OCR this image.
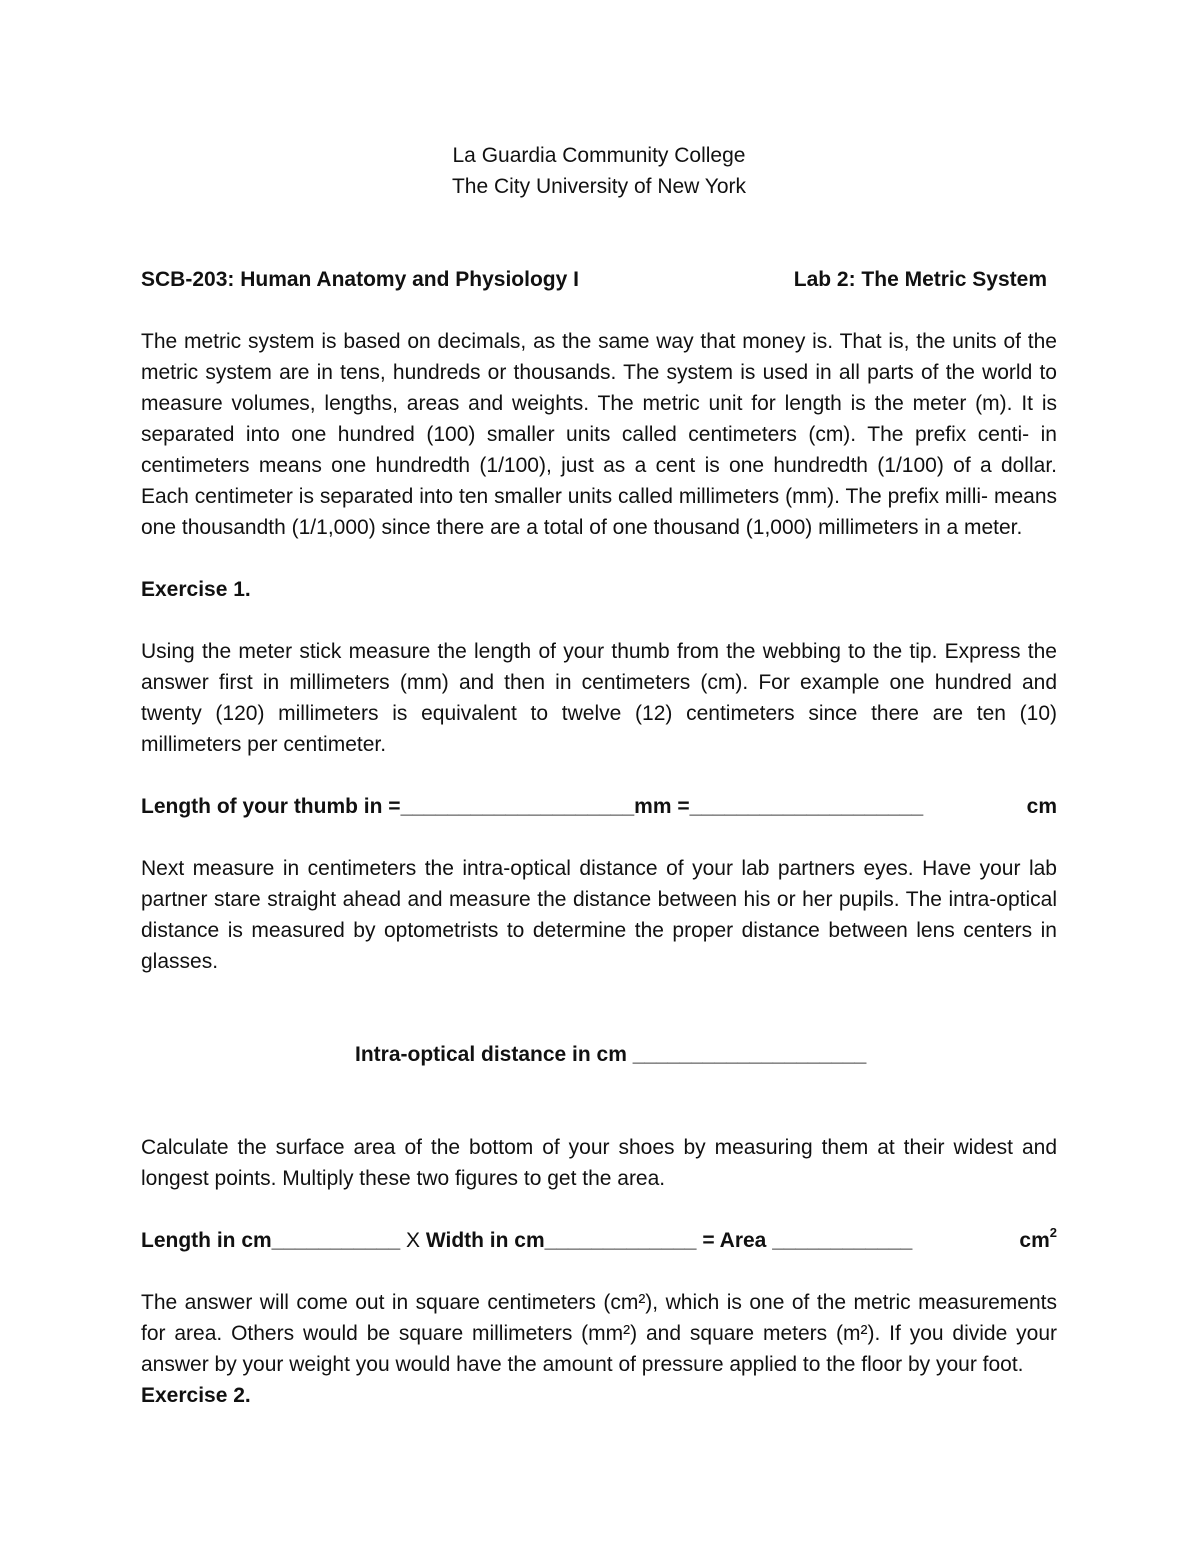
La Guardia Community College

The City University of New York

SCB-203: Human Anatomy and Physiology I	Lab 2: The Metric System

The metric system is based on decimals, as the same way that money is. That is, the units of the metric system are in tens, hundreds or thousands. The system is used in all parts of the world to measure volumes, lengths, areas and weights. The metric unit for length is the meter (m). It is separated into one hundred (100) smaller units called centimeters (cm). The prefix centi- in centimeters means one hundredth (1/100), just as a cent is one hundredth (1/100) of a dollar. Each centimeter is separated into ten smaller units called millimeters (mm). The prefix milli- means one thousandth (1/1,000) since there are a total of one thousand (1,000) millimeters in a meter.

Exercise 1.

Using the meter stick measure the length of your thumb from the webbing to the tip. Express the answer first in millimeters (mm) and then in centimeters (cm). For example one hundred and twenty (120) millimeters is equivalent to twelve (12) centimeters since there are ten (10) millimeters per centimeter.

Length of your thumb in =____________________mm =____________________	cm

Next measure in centimeters the intra-optical distance of your lab partners eyes. Have your lab partner stare straight ahead and measure the distance between his or her pupils. The intra-optical distance is measured by optometrists to determine the proper distance between lens centers in glasses.

Intra-optical distance in cm ____________________

Calculate the surface area of the bottom of your shoes by measuring them at their widest and longest points. Multiply these two figures to get the area.

Length in cm___________ X Width in cm_____________ = Area ____________	$cm^2$

The answer will come out in square centimeters (cm²), which is one of the metric measurements for area. Others would be square millimeters (mm²) and square meters (m²). If you divide your answer by your weight you would have the amount of pressure applied to the floor by your foot.

Exercise 2.
